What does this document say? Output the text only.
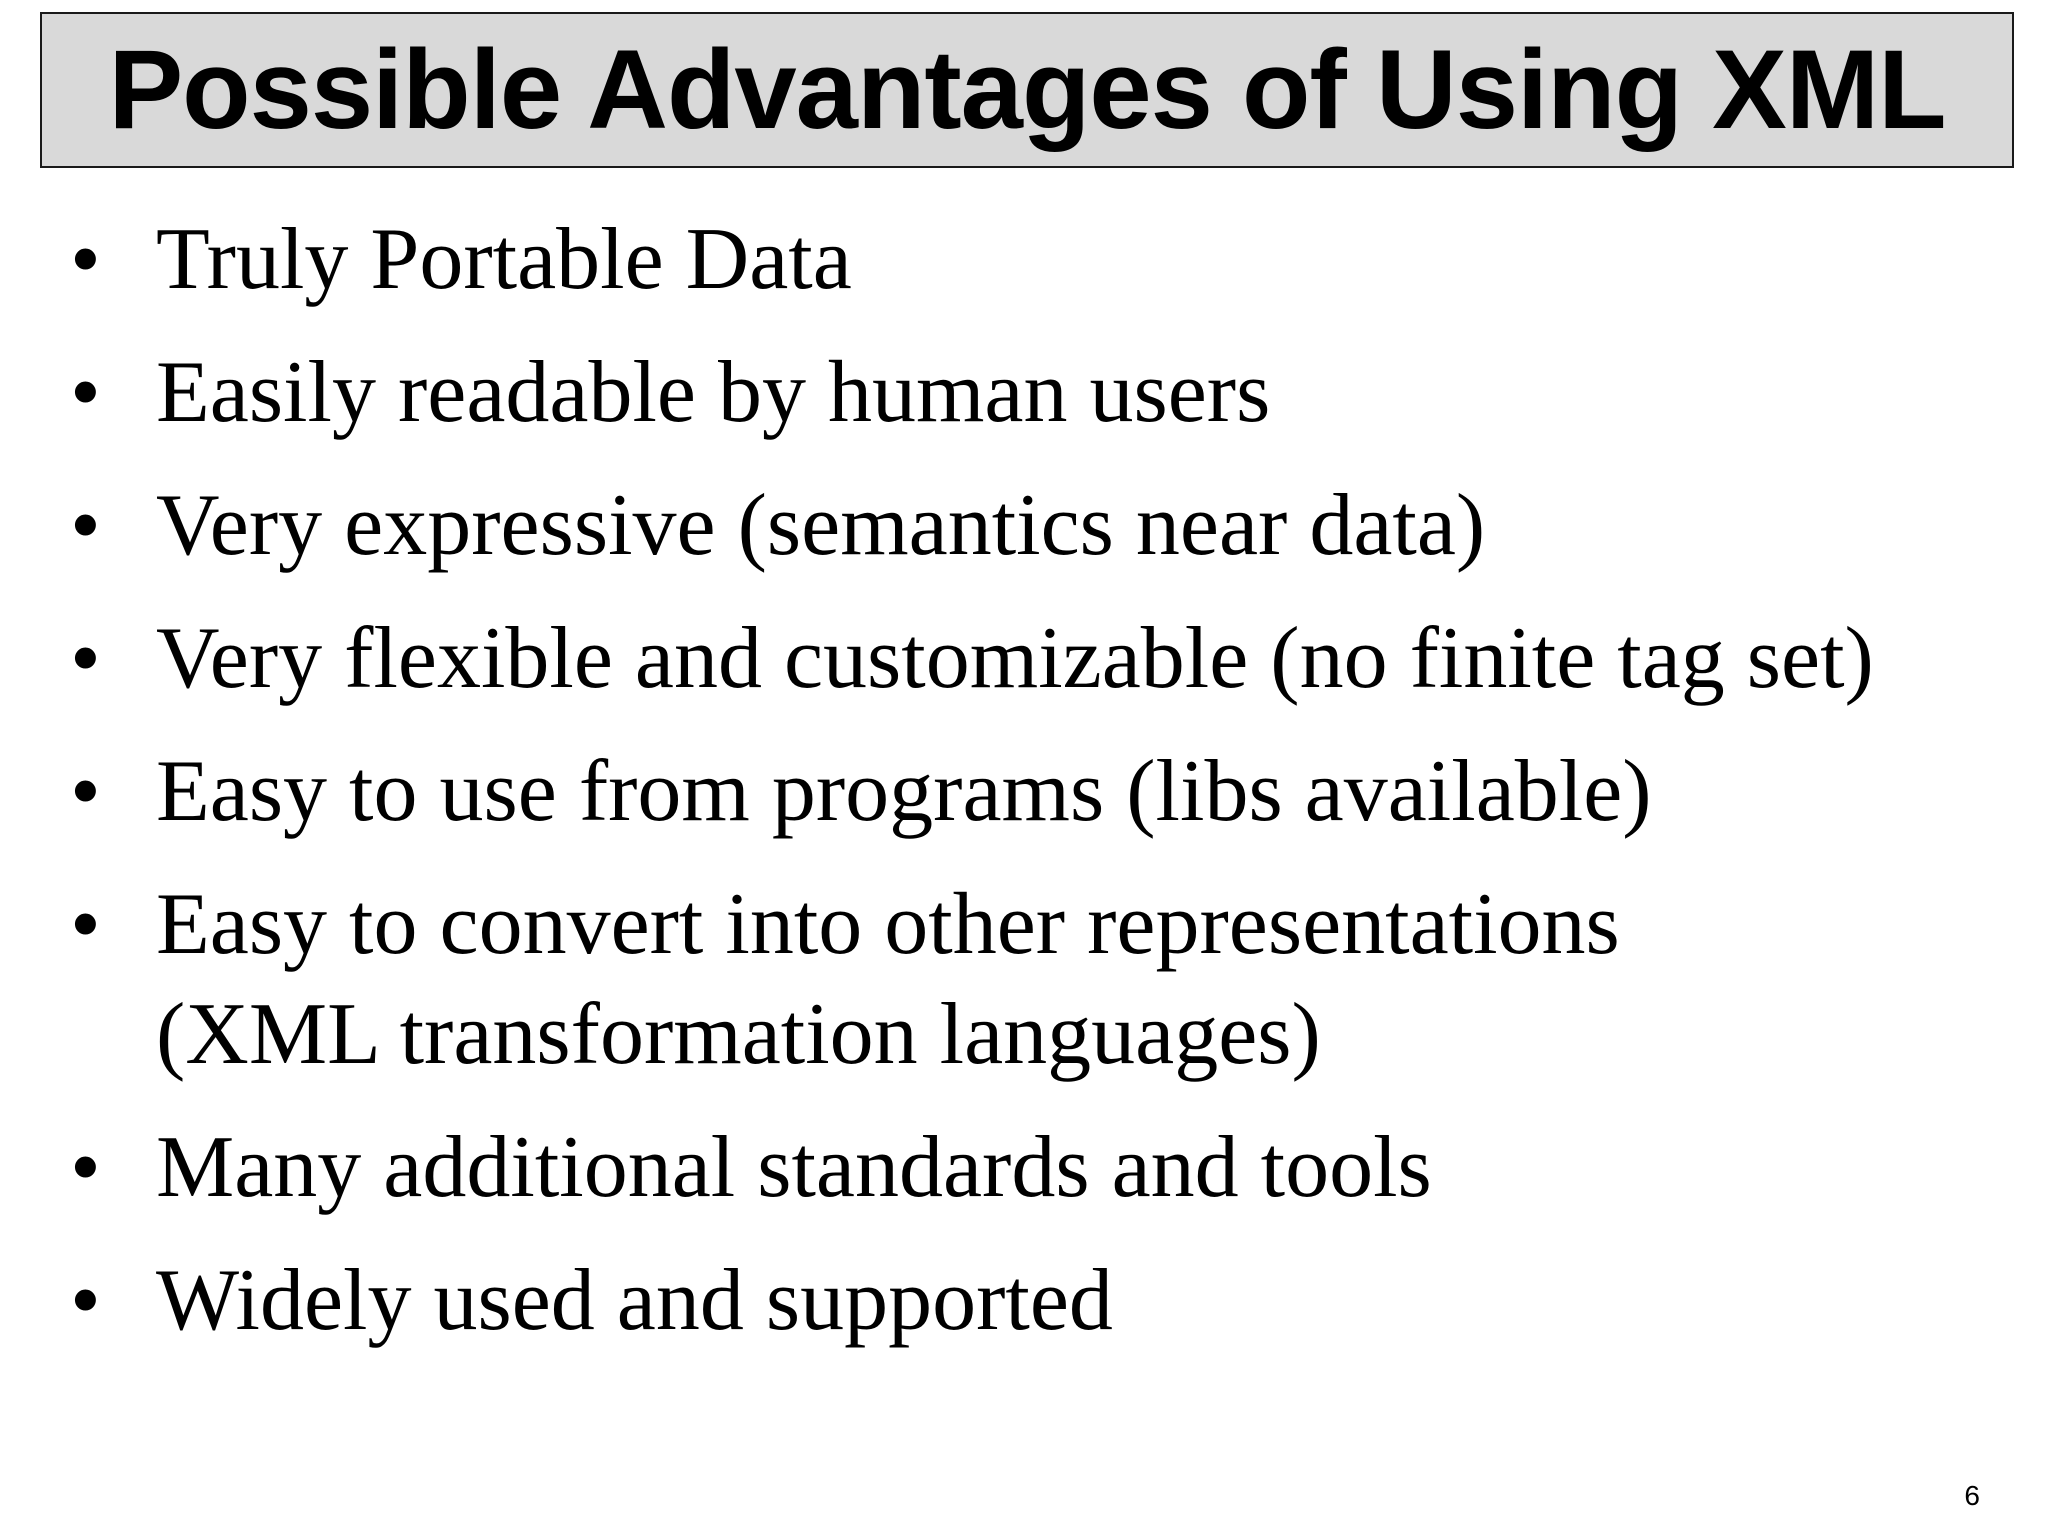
Possible Advantages of Using XML
• Truly Portable Data
• Easily readable by human users
• Very expressive (semantics near data)
• Very flexible and customizable (no finite tag set)
• Easy to use from programs (libs available)
• Easy to convert into other representations
(XML transformation languages)
• Many additional standards and tools
• Widely used and supported
6
